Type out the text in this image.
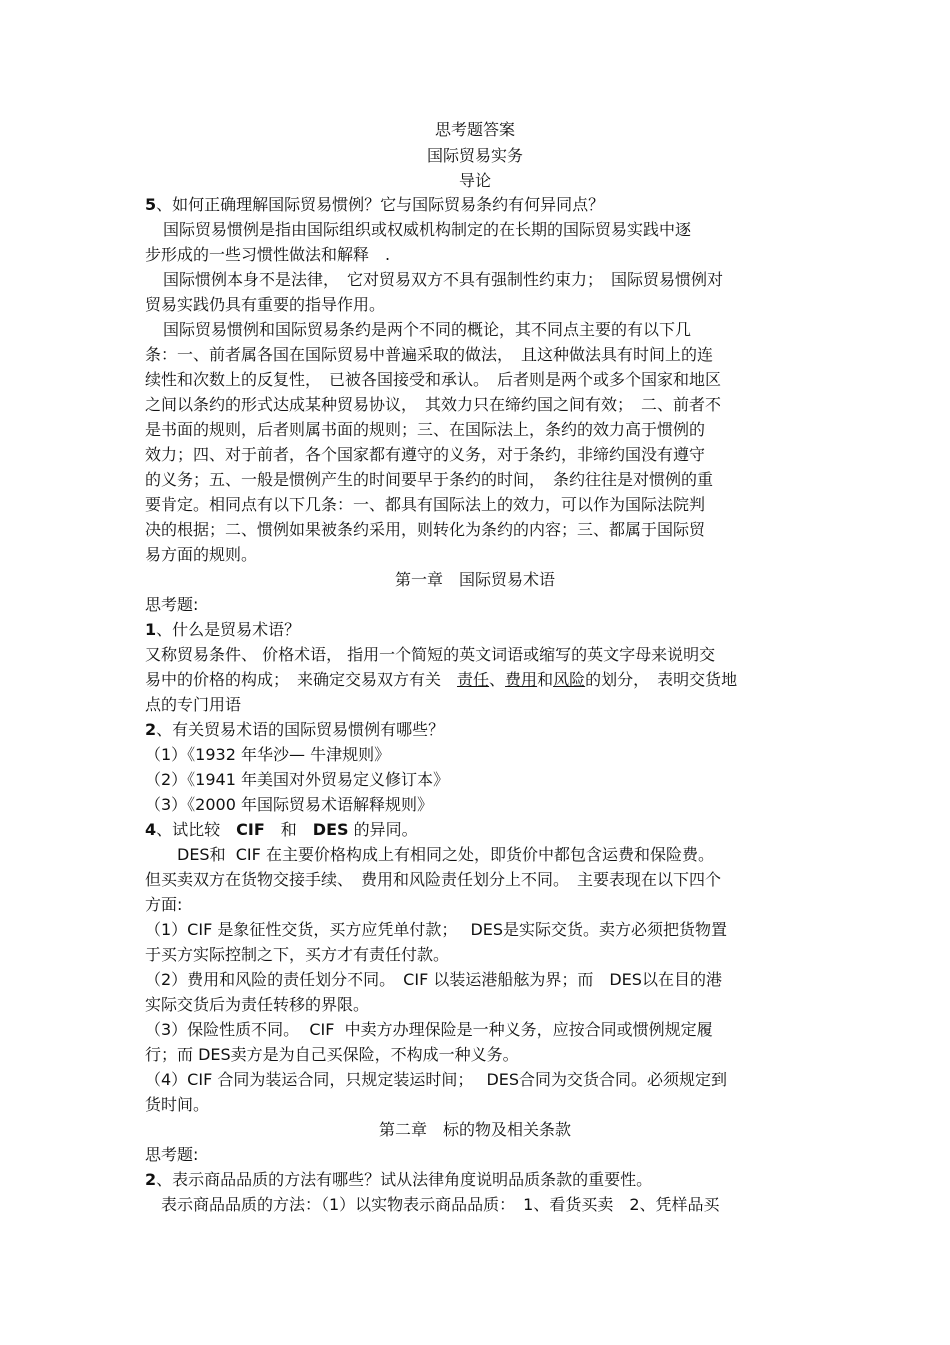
思考题答案
国际贸易实务
导论
5、如何正确理解国际贸易惯例？它与国际贸易条约有何异同点？
国际贸易惯例是指由国际组织或权威机构制定的在长期的国际贸易实践中逐
步形成的一些习惯性做法和解释　.
国际惯例本身不是法律，　它对贸易双方不具有强制性约束力；　国际贸易惯例对
贸易实践仍具有重要的指导作用。
国际贸易惯例和国际贸易条约是两个不同的概论，其不同点主要的有以下几
条：一、前者属各国在国际贸易中普遍采取的做法，　且这种做法具有时间上的连
续性和次数上的反复性，　已被各国接受和承认。　后者则是两个或多个国家和地区
之间以条约的形式达成某种贸易协议，　其效力只在缔约国之间有效；　二、前者不
是书面的规则，后者则属书面的规则；三、在国际法上，条约的效力高于惯例的
效力；四、对于前者，各个国家都有遵守的义务，对于条约，非缔约国没有遵守
的义务；五、一般是惯例产生的时间要早于条约的时间，　条约往往是对惯例的重
要肯定。相同点有以下几条：一、都具有国际法上的效力，可以作为国际法院判
决的根据；二、惯例如果被条约采用，则转化为条约的内容；三、都属于国际贸
易方面的规则。
第一章　国际贸易术语
思考题:
1、什么是贸易术语？
又称贸易条件、 价格术语， 指用一个简短的英文词语或缩写的英文字母来说明交
易中的价格的构成；　来确定交易双方有关　责任、费用和风险的划分，　表明交货地
点的专门用语
2、有关贸易术语的国际贸易惯例有哪些？
（1）《1932 年华沙— 牛津规则》
（2）《1941 年美国对外贸易定义修订本》
（3）《2000 年国际贸易术语解释规则》
4、试比较　CIF　和　DES 的异同。
　　DES和  CIF 在主要价格构成上有相同之处，即货价中都包含运费和保险费。
但买卖双方在货物交接手续、　费用和风险责任划分上不同。　主要表现在以下四个
方面:
（1）CIF 是象征性交货，买方应凭单付款；　 DES是实际交货。卖方必须把货物置
于买方实际控制之下，买方才有责任付款。
（2）费用和风险的责任划分不同。　CIF 以装运港船舷为界；而　DES以在目的港
实际交货后为责任转移的界限。
（3）保险性质不同。  CIF  中卖方办理保险是一种义务，应按合同或惯例规定履
行；而 DES卖方是为自己买保险，不构成一种义务。
（4）CIF 合同为装运合同，只规定装运时间；　 DES合同为交货合同。必须规定到
货时间。
第二章　标的物及相关条款
思考题:
2、表示商品品质的方法有哪些？试从法律角度说明品质条款的重要性。
　表示商品品质的方法：（1）以实物表示商品品质：　1、看货买卖　2、凭样品买
